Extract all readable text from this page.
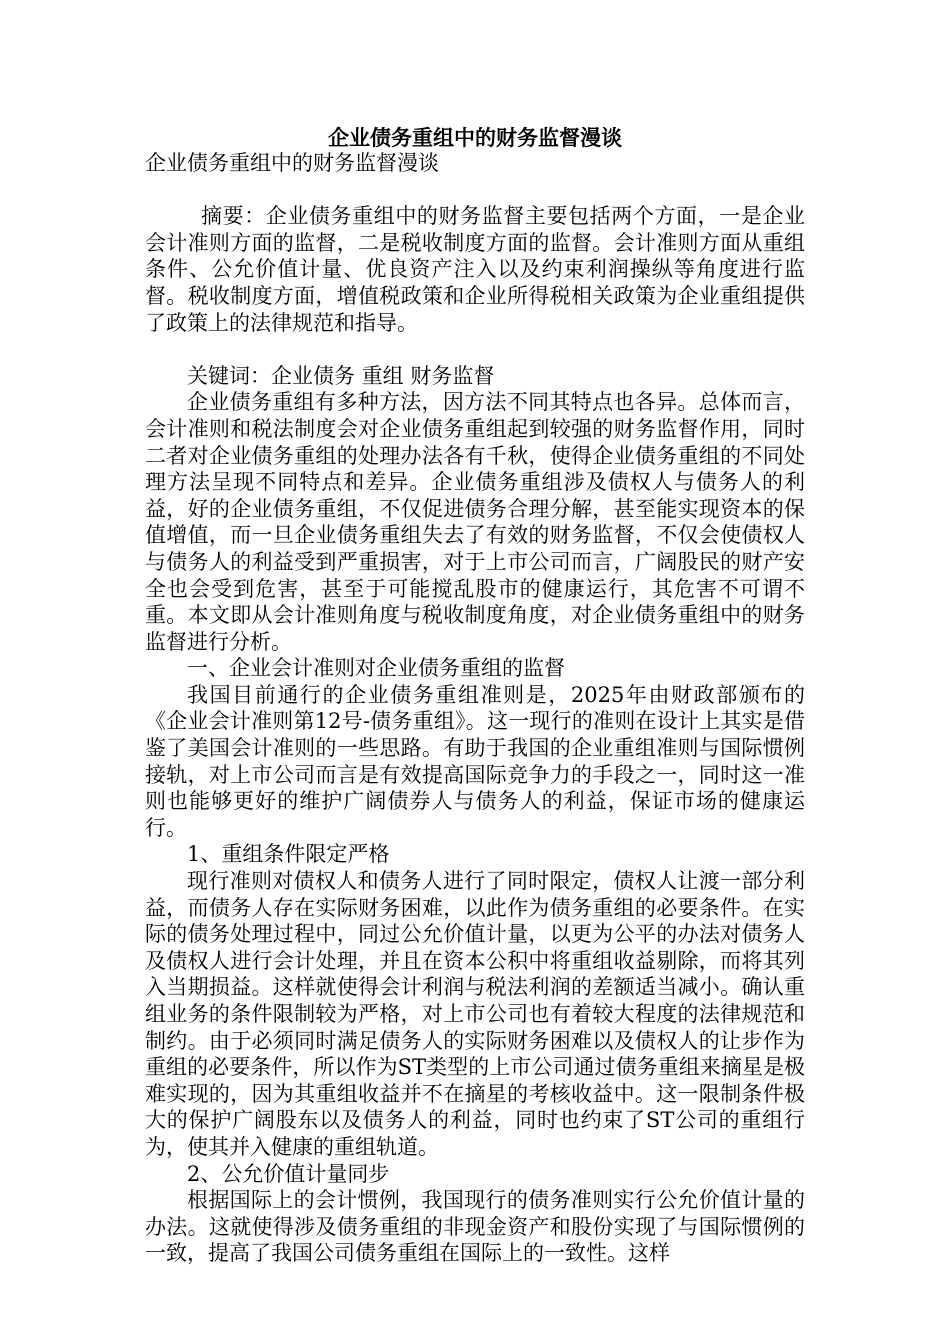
企业债务重组中的财务监督漫谈

企业债务重组中的财务监督漫谈

摘要：企业债务重组中的财务监督主要包括两个方面，一是企业会计准则方面的监督，二是税收制度方面的监督。会计准则方面从重组条件、公允价值计量、优良资产注入以及约束利润操纵等角度进行监督。税收制度方面，增值税政策和企业所得税相关政策为企业重组提供了政策上的法律规范和指导。

关键词：企业债务 重组 财务监督

企业债务重组有多种方法，因方法不同其特点也各异。总体而言，会计准则和税法制度会对企业债务重组起到较强的财务监督作用，同时二者对企业债务重组的处理办法各有千秋，使得企业债务重组的不同处理方法呈现不同特点和差异。企业债务重组涉及债权人与债务人的利益，好的企业债务重组，不仅促进债务合理分解，甚至能实现资本的保值增值，而一旦企业债务重组失去了有效的财务监督，不仅会使债权人与债务人的利益受到严重损害，对于上市公司而言，广阔股民的财产安全也会受到危害，甚至于可能搅乱股市的健康运行，其危害不可谓不重。本文即从会计准则角度与税收制度角度，对企业债务重组中的财务监督进行分析。

一、企业会计准则对企业债务重组的监督

我国目前通行的企业债务重组准则是，2025年由财政部颁布的《企业会计准则第12号-债务重组》。这一现行的准则在设计上其实是借鉴了美国会计准则的一些思路。有助于我国的企业重组准则与国际惯例接轨，对上市公司而言是有效提高国际竞争力的手段之一，同时这一准则也能够更好的维护广阔债券人与债务人的利益，保证市场的健康运行。

1、重组条件限定严格

现行准则对债权人和债务人进行了同时限定，债权人让渡一部分利益，而债务人存在实际财务困难，以此作为债务重组的必要条件。在实际的债务处理过程中，同过公允价值计量，以更为公平的办法对债务人及债权人进行会计处理，并且在资本公积中将重组收益剔除，而将其列入当期损益。这样就使得会计利润与税法利润的差额适当减小。确认重组业务的条件限制较为严格，对上市公司也有着较大程度的法律规范和制约。由于必须同时满足债务人的实际财务困难以及债权人的让步作为重组的必要条件，所以作为ST类型的上市公司通过债务重组来摘星是极难实现的，因为其重组收益并不在摘星的考核收益中。这一限制条件极大的保护广阔股东以及债务人的利益，同时也约束了ST公司的重组行为，使其并入健康的重组轨道。

2、公允价值计量同步

根据国际上的会计惯例，我国现行的债务准则实行公允价值计量的办法。这就使得涉及债务重组的非现金资产和股份实现了与国际惯例的一致，提高了我国公司债务重组在国际上的一致性。这样
